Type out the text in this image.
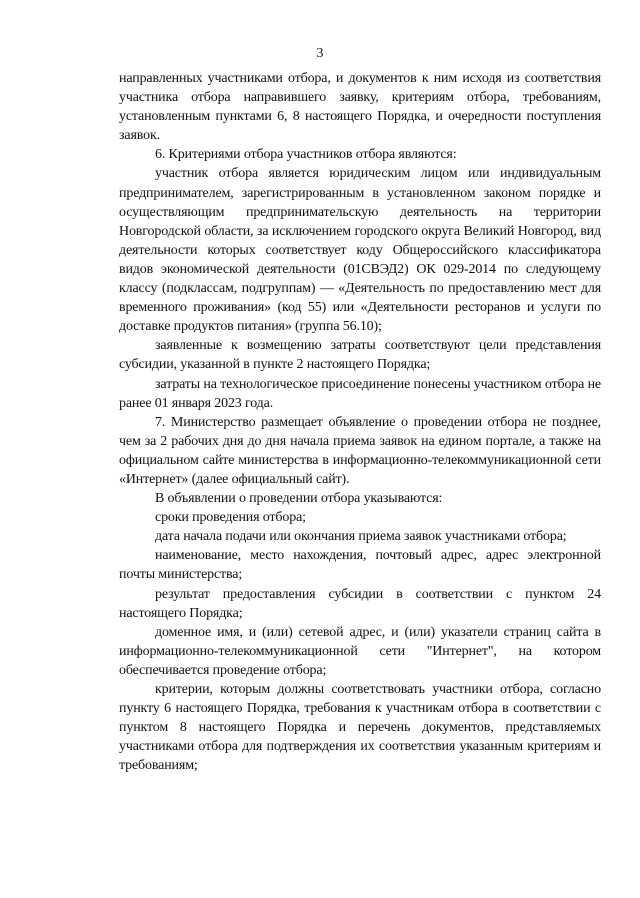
3

направленных участниками отбора, и документов к ним исходя из соответствия участника отбора направившего заявку, критериям отбора, требованиям, установленным пунктами 6, 8 настоящего Порядка, и очередности поступления заявок.

6. Критериями отбора участников отбора являются:

участник отбора является юридическим лицом или индивидуальным предпринимателем, зарегистрированным в установленном законом порядке и осуществляющим предпринимательскую деятельность на территории Новгородской области, за исключением городского округа Великий Новгород, вид деятельности которых соответствует коду Общероссийского классификатора видов экономической деятельности (01СВЭД2) ОК 029-2014 по следующему классу (подклассам, подгруппам) — «Деятельность по предоставлению мест для временного проживания» (код 55) или «Деятельности ресторанов и услуги по доставке продуктов питания» (группа 56.10);

заявленные к возмещению затраты соответствуют цели представления субсидии, указанной в пункте 2 настоящего Порядка;

затраты на технологическое присоединение понесены участником отбора не ранее 01 января 2023 года.

7. Министерство размещает объявление о проведении отбора не позднее, чем за 2 рабочих дня до дня начала приема заявок на едином портале, а также на официальном сайте министерства в информационно-телекоммуникационной сети «Интернет» (далее официальный сайт).

В объявлении о проведении отбора указываются:

сроки проведения отбора;

дата начала подачи или окончания приема заявок участниками отбора;

наименование, место нахождения, почтовый адрес, адрес электронной почты министерства;

результат предоставления субсидии в соответствии с пунктом 24 настоящего Порядка;

доменное имя, и (или) сетевой адрес, и (или) указатели страниц сайта в информационно-телекоммуникационной сети "Интернет", на котором обеспечивается проведение отбора;

критерии, которым должны соответствовать участники отбора, согласно пункту 6 настоящего Порядка, требования к участникам отбора в соответствии с пунктом 8 настоящего Порядка и перечень документов, представляемых участниками отбора для подтверждения их соответствия указанным критериям и требованиям;
